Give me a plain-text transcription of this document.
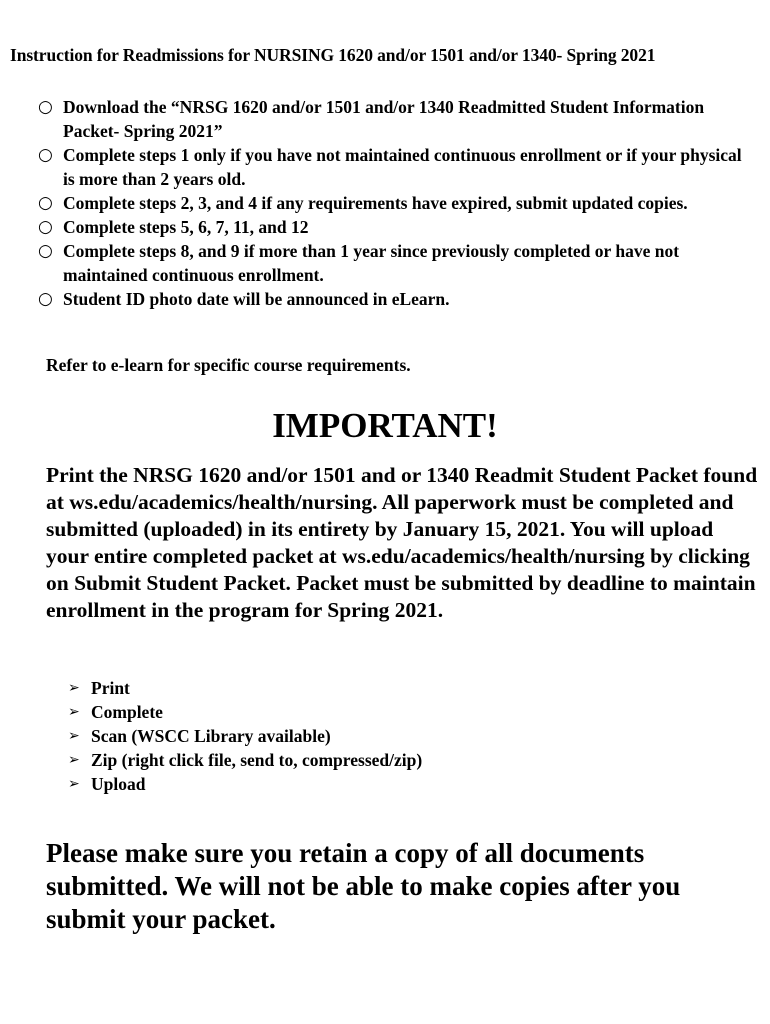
Instruction for Readmissions for NURSING 1620 and/or 1501 and/or 1340- Spring 2021
○ Download the “NRSG 1620 and/or 1501 and/or 1340 Readmitted Student Information Packet- Spring 2021”
○ Complete steps 1 only if you have not maintained continuous enrollment or if your physical is more than 2 years old.
○ Complete steps 2, 3, and 4 if any requirements have expired, submit updated copies.
○ Complete steps 5, 6, 7, 11, and 12
○ Complete steps 8, and 9 if more than 1 year since previously completed or have not maintained continuous enrollment.
○ Student ID photo date will be announced in eLearn.
Refer to e-learn for specific course requirements.
IMPORTANT!

Print the NRSG 1620 and/or 1501 and or 1340 Readmit Student Packet found at ws.edu/academics/health/nursing. All paperwork must be completed and submitted (uploaded) in its entirety by January 15, 2021. You will upload your entire completed packet at ws.edu/academics/health/nursing by clicking on Submit Student Packet. Packet must be submitted by deadline to maintain enrollment in the program for Spring 2021.

➢ Print
➢ Complete
➢ Scan (WSCC Library available)
➢ Zip (right click file, send to, compressed/zip)
➢ Upload

Please make sure you retain a copy of all documents submitted. We will not be able to make copies after you submit your packet.
